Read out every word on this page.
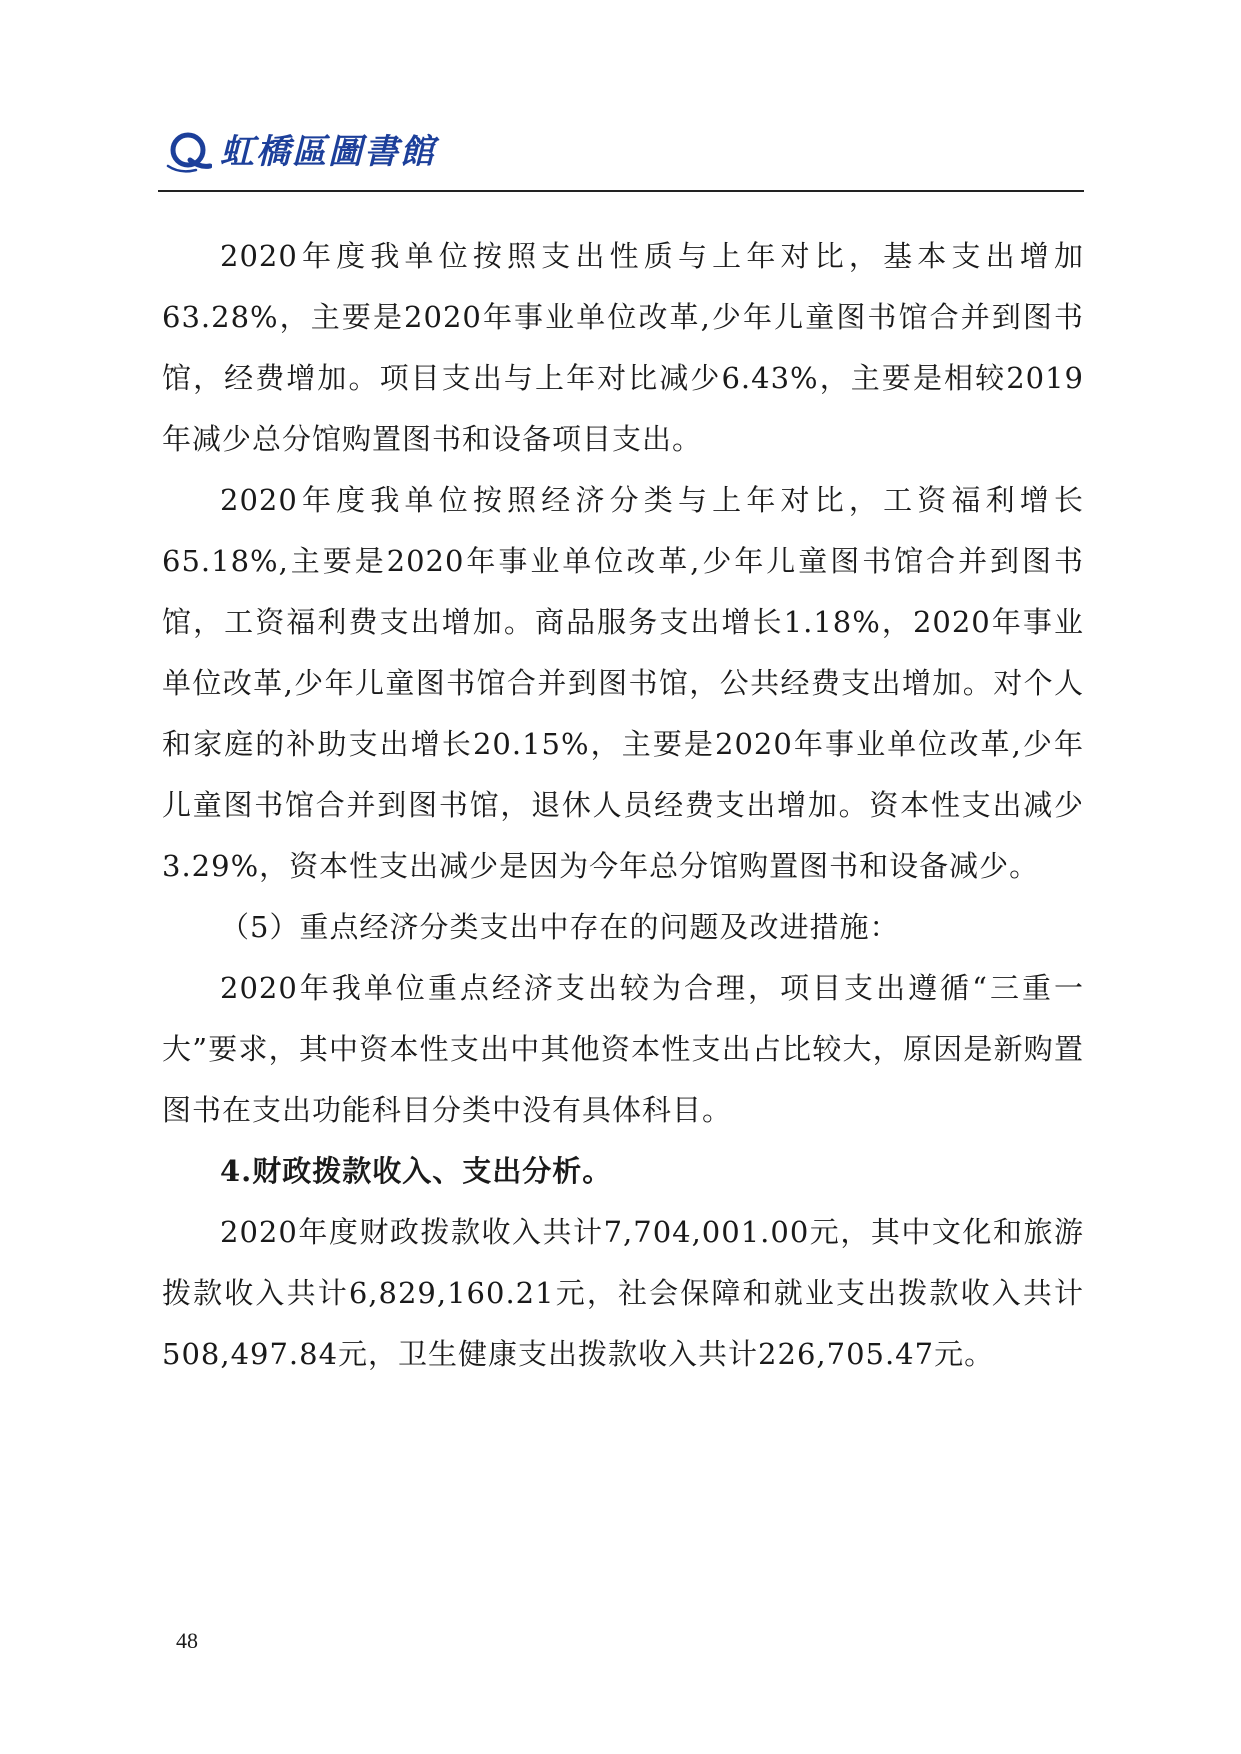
虹橋區圖書館

2020年度我单位按照支出性质与上年对比，基本支出增加63.28%，主要是2020年事业单位改革,少年儿童图书馆合并到图书馆，经费增加。项目支出与上年对比减少6.43%，主要是相较2019年减少总分馆购置图书和设备项目支出。

2020年度我单位按照经济分类与上年对比，工资福利增长65.18%,主要是2020年事业单位改革,少年儿童图书馆合并到图书馆，工资福利费支出增加。商品服务支出增长1.18%，2020年事业单位改革,少年儿童图书馆合并到图书馆，公共经费支出增加。对个人和家庭的补助支出增长20.15%，主要是2020年事业单位改革,少年儿童图书馆合并到图书馆，退休人员经费支出增加。资本性支出减少3.29%，资本性支出减少是因为今年总分馆购置图书和设备减少。

（5）重点经济分类支出中存在的问题及改进措施：

2020年我单位重点经济支出较为合理，项目支出遵循“三重一大”要求，其中资本性支出中其他资本性支出占比较大，原因是新购置图书在支出功能科目分类中没有具体科目。

4.财政拨款收入、支出分析。

2020年度财政拨款收入共计7,704,001.00元，其中文化和旅游拨款收入共计6,829,160.21元，社会保障和就业支出拨款收入共计508,497.84元，卫生健康支出拨款收入共计226,705.47元。

48
